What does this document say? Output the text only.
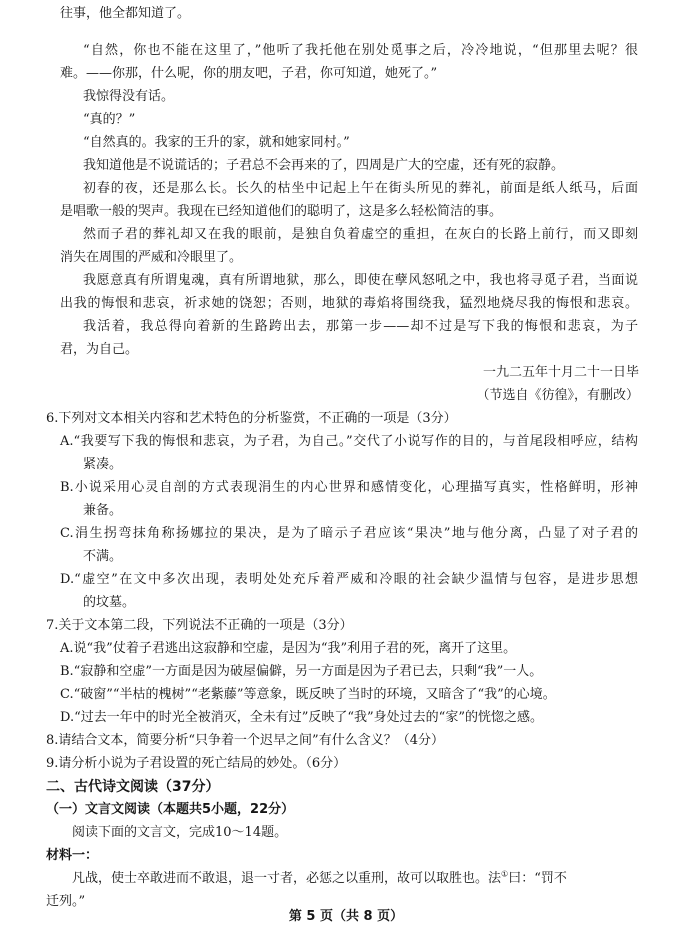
往事，他全都知道了。
“自然，你也不能在这里了，”他听了我托他在别处觅事之后，冷冷地说，“但那里去呢？很
难。——你那，什么呢，你的朋友吧，子君，你可知道，她死了。”
我惊得没有话。
“真的？”
“自然真的。我家的王升的家，就和她家同村。”
我知道他是不说谎话的；子君总不会再来的了，四周是广大的空虚，还有死的寂静。
初春的夜，还是那么长。长久的枯坐中记起上午在街头所见的葬礼，前面是纸人纸马，后面
是唱歌一般的哭声。我现在已经知道他们的聪明了，这是多么轻松简洁的事。
然而子君的葬礼却又在我的眼前，是独自负着虚空的重担，在灰白的长路上前行，而又即刻
消失在周围的严威和冷眼里了。
我愿意真有所谓鬼魂，真有所谓地狱，那么，即使在孽风怒吼之中，我也将寻觅子君，当面说
出我的悔恨和悲哀，祈求她的饶恕；否则，地狱的毒焰将围绕我，猛烈地烧尽我的悔恨和悲哀。
我活着，我总得向着新的生路跨出去，那第一步——却不过是写下我的悔恨和悲哀，为子
君，为自己。
一九二五年十月二十一日毕
（节选自《彷徨》，有删改）
6.下列对文本相关内容和艺术特色的分析鉴赏，不正确的一项是（3分）
A.“我要写下我的悔恨和悲哀，为子君，为自己。”交代了小说写作的目的，与首尾段相呼应，结构
紧凑。
B.小说采用心灵自剖的方式表现涓生的内心世界和感情变化，心理描写真实，性格鲜明，形神
兼备。
C.涓生拐弯抹角称扬娜拉的果决，是为了暗示子君应该“果决”地与他分离，凸显了对子君的
不满。
D.“虚空”在文中多次出现，表明处处充斥着严威和冷眼的社会缺少温情与包容，是进步思想
的坟墓。
7.关于文本第二段，下列说法不正确的一项是（3分）
A.说“我”仗着子君逃出这寂静和空虚，是因为“我”利用子君的死，离开了这里。
B.“寂静和空虚”一方面是因为破屋偏僻，另一方面是因为子君已去，只剩“我”一人。
C.“破窗”“半枯的槐树”“老紫藤”等意象，既反映了当时的环境，又暗含了“我”的心境。
D.“过去一年中的时光全被消灭，全未有过”反映了“我”身处过去的“家”的恍惚之感。
8.请结合文本，简要分析“只争着一个迟早之间”有什么含义？（4分）
9.请分析小说为子君设置的死亡结局的妙处。（6分）
二、古代诗文阅读（37分）
（一）文言文阅读（本题共5小题，22分）
阅读下面的文言文，完成10～14题。
材料一：
凡战，使士卒敢进而不敢退，退一寸者，必惩之以重刑，故可以取胜也。法①曰：“罚不
迁列。”
第 5 页（共 8 页）
